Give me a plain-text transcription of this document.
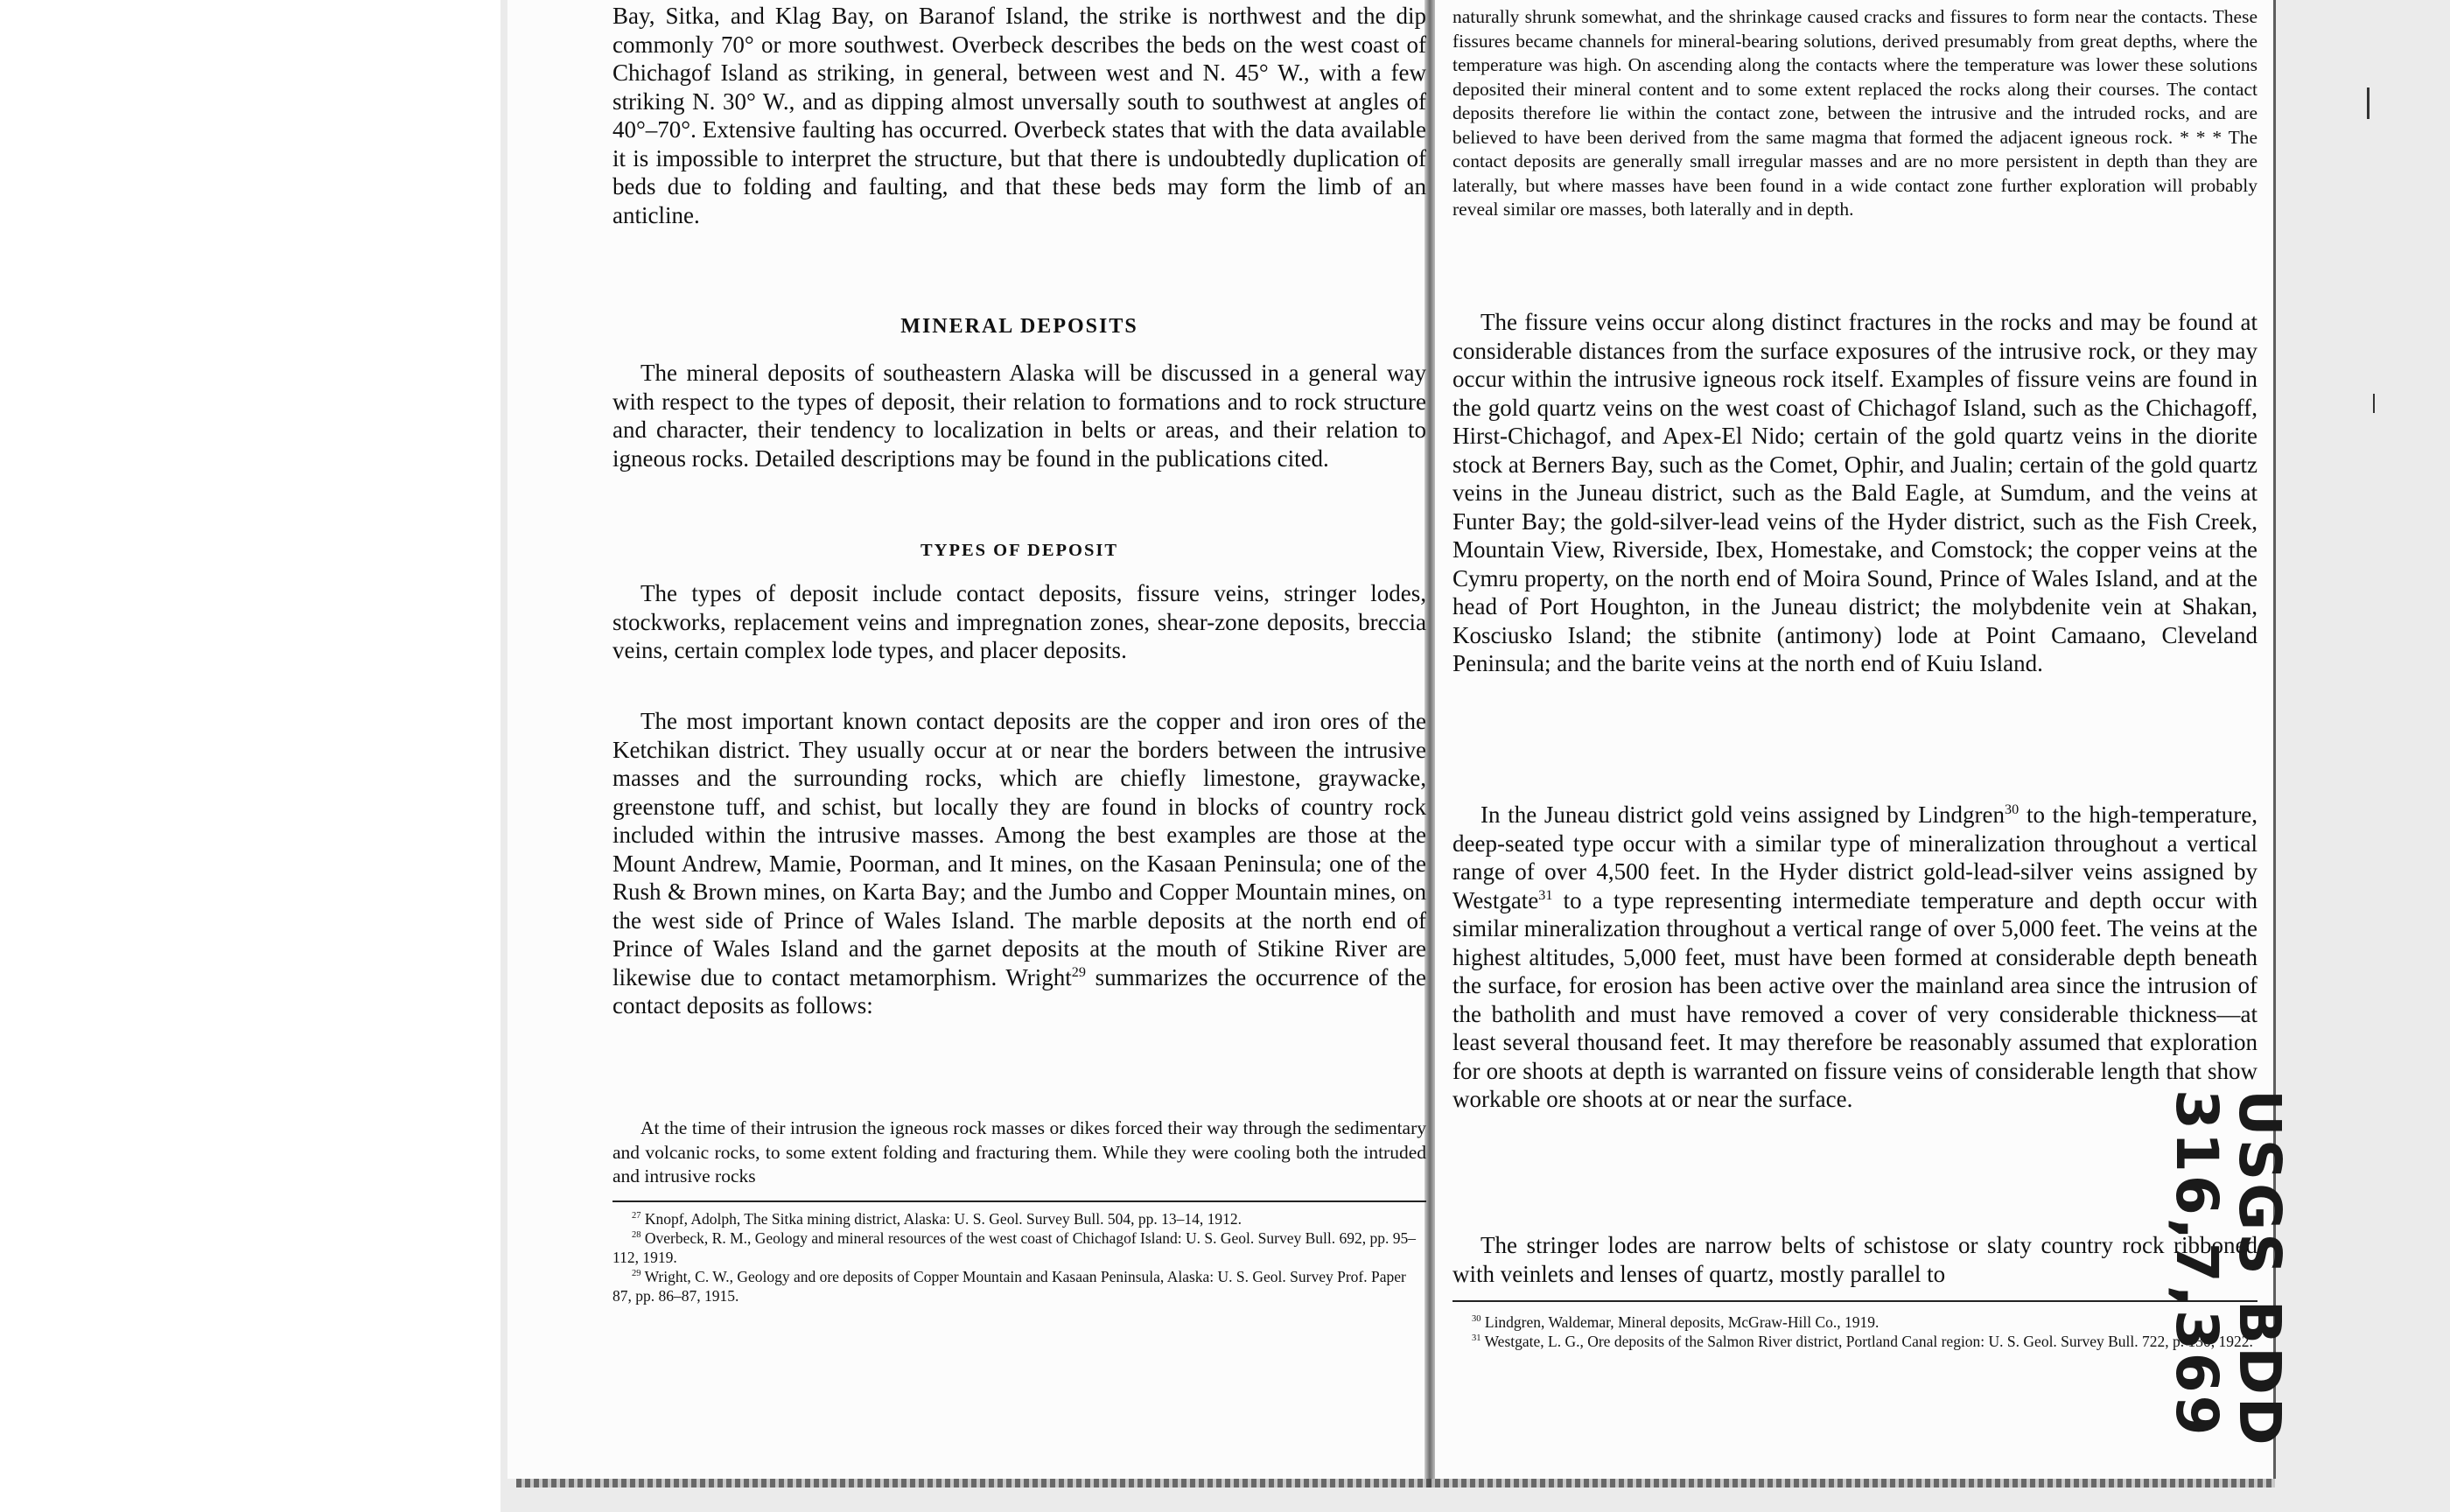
Bay, Sitka, and Klag Bay, on Baranof Island, the strike is northwest and the dip commonly 70° or more southwest. Overbeck describes the beds on the west coast of Chichagof Island as striking, in general, between west and N. 45° W., with a few striking N. 30° W., and as dipping almost unversally south to southwest at angles of 40°–70°. Extensive faulting has occurred. Overbeck states that with the data available it is impossible to interpret the structure, but that there is undoubtedly duplication of beds due to folding and faulting, and that these beds may form the limb of an anticline.

MINERAL DEPOSITS

The mineral deposits of southeastern Alaska will be discussed in a general way with respect to the types of deposit, their relation to formations and to rock structure and character, their tendency to localization in belts or areas, and their relation to igneous rocks. Detailed descriptions may be found in the publications cited.

TYPES OF DEPOSIT

The types of deposit include contact deposits, fissure veins, stringer lodes, stockworks, replacement veins and impregnation zones, shear-zone deposits, breccia veins, certain complex lode types, and placer deposits.

The most important known contact deposits are the copper and iron ores of the Ketchikan district. They usually occur at or near the borders between the intrusive masses and the surrounding rocks, which are chiefly limestone, graywacke, greenstone tuff, and schist, but locally they are found in blocks of country rock included within the intrusive masses. Among the best examples are those at the Mount Andrew, Mamie, Poorman, and It mines, on the Kasaan Peninsula; one of the Rush & Brown mines, on Karta Bay; and the Jumbo and Copper Mountain mines, on the west side of Prince of Wales Island. The marble deposits at the north end of Prince of Wales Island and the garnet deposits at the mouth of Stikine River are likewise due to contact metamorphism. Wright$^{29}$ summarizes the occurrence of the contact deposits as follows:

At the time of their intrusion the igneous rock masses or dikes forced their way through the sedimentary and volcanic rocks, to some extent folding and fracturing them. While they were cooling both the intruded and intrusive rocks

$^{27}$ Knopf, Adolph, The Sitka mining district, Alaska: U. S. Geol. Survey Bull. 504, pp. 13–14, 1912.

$^{28}$ Overbeck, R. M., Geology and mineral resources of the west coast of Chichagof Island: U. S. Geol. Survey Bull. 692, pp. 95–112, 1919.

$^{29}$ Wright, C. W., Geology and ore deposits of Copper Mountain and Kasaan Peninsula, Alaska: U. S. Geol. Survey Prof. Paper 87, pp. 86–87, 1915.

naturally shrunk somewhat, and the shrinkage caused cracks and fissures to form near the contacts. These fissures became channels for mineral-bearing solutions, derived presumably from great depths, where the temperature was high. On ascending along the contacts where the temperature was lower these solutions deposited their mineral content and to some extent replaced the rocks along their courses. The contact deposits therefore lie within the contact zone, between the intrusive and the intruded rocks, and are believed to have been derived from the same magma that formed the adjacent igneous rock. * * * The contact deposits are generally small irregular masses and are no more persistent in depth than they are laterally, but where masses have been found in a wide contact zone further exploration will probably reveal similar ore masses, both laterally and in depth.

The fissure veins occur along distinct fractures in the rocks and may be found at considerable distances from the surface exposures of the intrusive rock, or they may occur within the intrusive igneous rock itself. Examples of fissure veins are found in the gold quartz veins on the west coast of Chichagof Island, such as the Chichagoff, Hirst-Chichagof, and Apex-El Nido; certain of the gold quartz veins in the diorite stock at Berners Bay, such as the Comet, Ophir, and Jualin; certain of the gold quartz veins in the Juneau district, such as the Bald Eagle, at Sumdum, and the veins at Funter Bay; the gold-silver-lead veins of the Hyder district, such as the Fish Creek, Mountain View, Riverside, Ibex, Homestake, and Comstock; the copper veins at the Cymru property, on the north end of Moira Sound, Prince of Wales Island, and at the head of Port Houghton, in the Juneau district; the molybdenite vein at Shakan, Kosciusko Island; the stibnite (antimony) lode at Point Camaano, Cleveland Peninsula; and the barite veins at the north end of Kuiu Island.

In the Juneau district gold veins assigned by Lindgren$^{30}$ to the high-temperature, deep-seated type occur with a similar type of mineralization throughout a vertical range of over 4,500 feet. In the Hyder district gold-lead-silver veins assigned by Westgate$^{31}$ to a type representing intermediate temperature and depth occur with similar mineralization throughout a vertical range of over 5,000 feet. The veins at the highest altitudes, 5,000 feet, must have been formed at considerable depth beneath the surface, for erosion has been active over the mainland area since the intrusion of the batholith and must have removed a cover of very considerable thickness—at least several thousand feet. It may therefore be reasonably assumed that exploration for ore shoots at depth is warranted on fissure veins of considerable length that show workable ore shoots at or near the surface.

The stringer lodes are narrow belts of schistose or slaty country rock ribboned with veinlets and lenses of quartz, mostly parallel to

$^{30}$ Lindgren, Waldemar, Mineral deposits, McGraw-Hill Co., 1919.

$^{31}$ Westgate, L. G., Ore deposits of the Salmon River district, Portland Canal region: U. S. Geol. Survey Bull. 722, p. 130, 1922.

USGS BDD

316,7,369
